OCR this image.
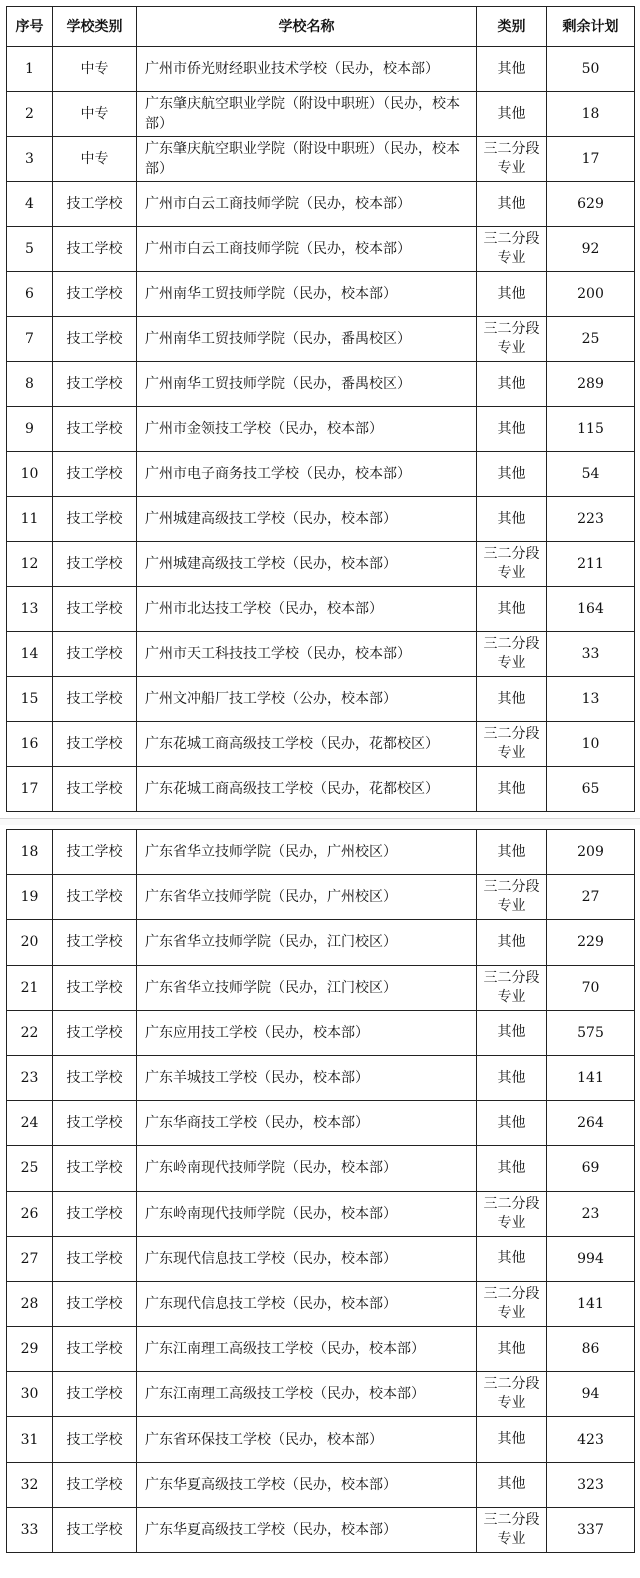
序号	学校类别	学校名称	类别	剩余计划
1	中专	广州市侨光财经职业技术学校（民办，校本部）	其他	50
2	中专	广东肇庆航空职业学院（附设中职班）（民办，校本部）	其他	18
3	中专	广东肇庆航空职业学院（附设中职班）（民办，校本部）	三二分段专业	17
4	技工学校	广州市白云工商技师学院（民办，校本部）	其他	629
5	技工学校	广州市白云工商技师学院（民办，校本部）	三二分段专业	92
6	技工学校	广州南华工贸技师学院（民办，校本部）	其他	200
7	技工学校	广州南华工贸技师学院（民办，番禺校区）	三二分段专业	25
8	技工学校	广州南华工贸技师学院（民办，番禺校区）	其他	289
9	技工学校	广州市金领技工学校（民办，校本部）	其他	115
10	技工学校	广州市电子商务技工学校（民办，校本部）	其他	54
11	技工学校	广州城建高级技工学校（民办，校本部）	其他	223
12	技工学校	广州城建高级技工学校（民办，校本部）	三二分段专业	211
13	技工学校	广州市北达技工学校（民办，校本部）	其他	164
14	技工学校	广州市天工科技技工学校（民办，校本部）	三二分段专业	33
15	技工学校	广州文冲船厂技工学校（公办，校本部）	其他	13
16	技工学校	广东花城工商高级技工学校（民办，花都校区）	三二分段专业	10
17	技工学校	广东花城工商高级技工学校（民办，花都校区）	其他	65
18	技工学校	广东省华立技师学院（民办，广州校区）	其他	209
19	技工学校	广东省华立技师学院（民办，广州校区）	三二分段专业	27
20	技工学校	广东省华立技师学院（民办，江门校区）	其他	229
21	技工学校	广东省华立技师学院（民办，江门校区）	三二分段专业	70
22	技工学校	广东应用技工学校（民办，校本部）	其他	575
23	技工学校	广东羊城技工学校（民办，校本部）	其他	141
24	技工学校	广东华商技工学校（民办，校本部）	其他	264
25	技工学校	广东岭南现代技师学院（民办，校本部）	其他	69
26	技工学校	广东岭南现代技师学院（民办，校本部）	三二分段专业	23
27	技工学校	广东现代信息技工学校（民办，校本部）	其他	994
28	技工学校	广东现代信息技工学校（民办，校本部）	三二分段专业	141
29	技工学校	广东江南理工高级技工学校（民办，校本部）	其他	86
30	技工学校	广东江南理工高级技工学校（民办，校本部）	三二分段专业	94
31	技工学校	广东省环保技工学校（民办，校本部）	其他	423
32	技工学校	广东华夏高级技工学校（民办，校本部）	其他	323
33	技工学校	广东华夏高级技工学校（民办，校本部）	三二分段专业	337
